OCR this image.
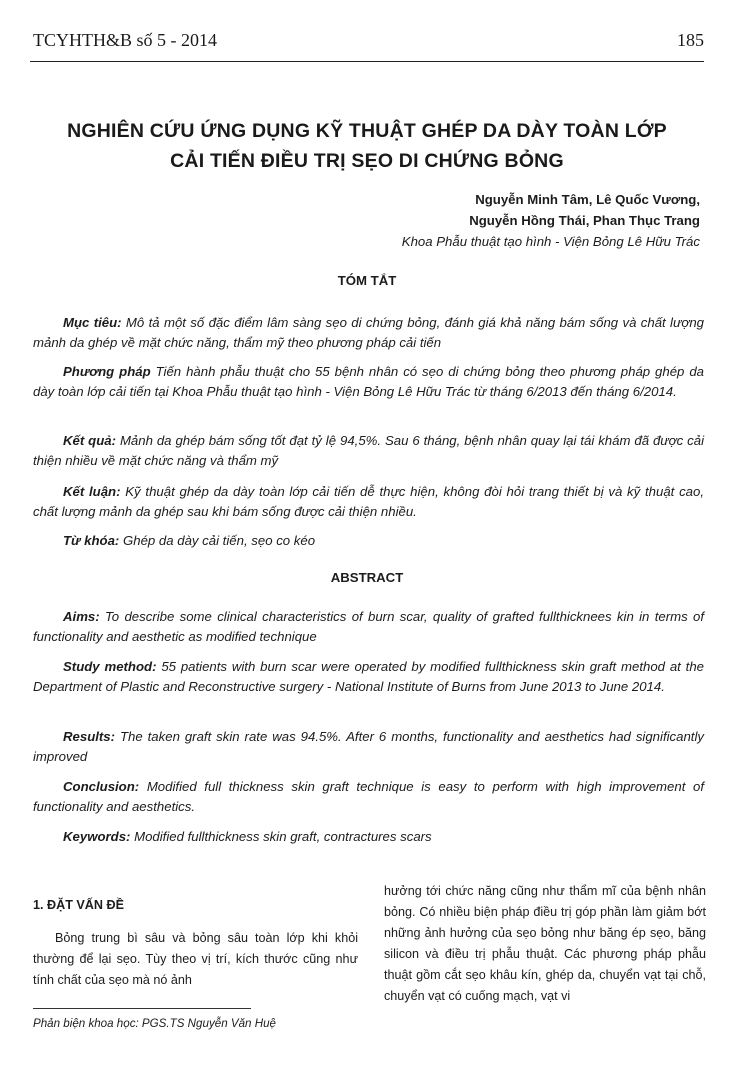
TCYHTH&B số 5 - 2014	185
NGHIÊN CỨU ỨNG DỤNG KỸ THUẬT GHÉP DA DÀY TOÀN LỚP
CẢI TIẾN ĐIỀU TRỊ SẸO DI CHỨNG BỎNG
Nguyễn Minh Tâm, Lê Quốc Vương,
Nguyễn Hồng Thái, Phan Thục Trang
Khoa Phẫu thuật tạo hình - Viện Bỏng Lê Hữu Trác
TÓM TẮT
Mục tiêu: Mô tả một số đặc điểm lâm sàng sẹo di chứng bỏng, đánh giá khả năng bám sống và chất lượng mảnh da ghép về mặt chức năng, thẩm mỹ theo phương pháp cải tiến
Phương pháp Tiến hành phẫu thuật cho 55 bệnh nhân có sẹo di chứng bỏng theo phương pháp ghép da dày toàn lớp cải tiến tại Khoa Phẫu thuật tạo hình - Viện Bỏng Lê Hữu Trác từ tháng 6/2013 đến tháng 6/2014.
Kết quả: Mảnh da ghép bám sống tốt đạt tỷ lệ 94,5%. Sau 6 tháng, bệnh nhân quay lại tái khám đã được cải thiện nhiều về mặt chức năng và thẩm mỹ
Kết luận: Kỹ thuật ghép da dày toàn lớp cải tiến dễ thực hiện, không đòi hỏi trang thiết bị và kỹ thuật cao, chất lượng mảnh da ghép sau khi bám sống được cải thiện nhiều.
Từ khóa: Ghép da dày cải tiến, sẹo co kéo
ABSTRACT
Aims: To describe some clinical characteristics of burn scar, quality of grafted fullthicknees kin in terms of functionality and aesthetic as modified technique
Study method: 55 patients with burn scar were operated by modified fullthickness skin graft method at the Department of Plastic and Reconstructive surgery - National Institute of Burns from June 2013 to June 2014.
Results: The taken graft skin rate was 94.5%. After 6 months, functionality and aesthetics had significantly improved
Conclusion: Modified full thickness skin graft technique is easy to perform with high improvement of functionality and aesthetics.
Keywords: Modified fullthickness skin graft, contractures scars
1. ĐẶT VẤN ĐỀ
Bỏng trung bì sâu và bỏng sâu toàn lớp khi khỏi thường để lại sẹo. Tùy theo vị trí, kích thước cũng như tính chất của sẹo mà nó ảnh
hưởng tới chức năng cũng như thẩm mĩ của bệnh nhân bỏng. Có nhiều biện pháp điều trị góp phần làm giảm bớt những ảnh hưởng của sẹo bỏng như băng ép sẹo, băng silicon và điều trị phẫu thuật. Các phương pháp phẫu thuật gồm cắt sẹo khâu kín, ghép da, chuyển vạt tại chỗ, chuyển vạt có cuống mạch, vạt vi
Phản biện khoa học: PGS.TS Nguyễn Văn Huệ
